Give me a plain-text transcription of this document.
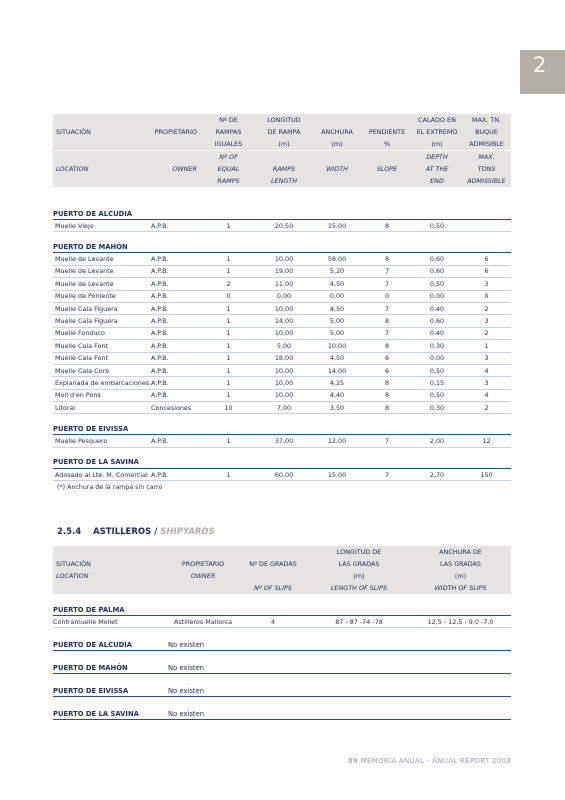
2
		Nº DE	LONGITUD			CALADO EN	MAX. TN.
SITUACIÓN	PROPIETARIO	RAMPAS	DE RAMPA	ANCHURA	PENDIENTE	EL EXTREMO	BUQUE
		IGUALES	(m)	(m)	%	(m)	ADMISIBLE
		Nº OF				DEPTH	MAX.
LOCATION	OWNER	EQUAL	RAMPS	WIDTH	SLOPE	AT THE	TONS
		RAMPS	LENGTH			END	ADMISSIBLE

PUERTO DE ALCUDIA							
Muelle Viejo	A.P.B.	1	20,50	15,00	8	0,50	

PUERTO DE MAHÓN							
Muelle de Levante	A.P.B.	1	10,00	58,00	8	0,60	6
Muelle de Levante	A.P.B.	1	19,00	5,20	7	0,60	6
Muelle de Levante	A.P.B.	2	11,00	4,50	7	0,50	3
Muelle de Poniente	A.P.B.	0	0,00	0,00	0	0,00	0
Muelle Cala Figuera	A.P.B.	1	10,00	4,50	7	0,40	2
Muelle Cala Figuera	A.P.B.	1	14,00	5,00	8	0,60	3
Muelle Fonduco	A.P.B.	1	10,00	5,00	7	0,40	2
Muelle Cala Font	A.P.B.	1	5,00	10,00	8	0,30	1
Muelle Cala Font	A.P.B.	1	18,00	4,50	6	0,00	3
Muelle Cala Corb	A.P.B.	1	10,00	14,00	6	0,50	4
Explanada de embarcaciones	A:P.B.	1	10,00	4,25	8	0,15	3
Moll d'en Pons	A:P.B.	1	10,00	4,40	8	0,50	4
Litoral	Concesiones	10	7,00	3,50	8	0,30	2

PUERTO DE EIVISSA							
Muelle Pesquero	A.P.B.	1	37,00	12,00	7	2,00	12

PUERTO DE LA SAVINA							
Adosado al Lte. M. Comercial	A.P.B.	1	60,00	15,00	7	2,70	150
(*) Anchura de la rampa sin carro
2.5.4 ASTILLEROS / SHIPYARDS
			LONGITUD DE	ANCHURA DE
SITUACIÓN	PROPIETARIO	Nº DE GRADAS	LAS GRADAS	LAS GRADAS
LOCATION	OWNER		(m)	(m)
		Nº OF SLIPS	LENGTH OF SLIPS	WIDTH OF SLIPS

PUERTO DE PALMA				
Contramuelle Mollet	Astilleros Mallorca	4	87 - 87 -74 -78	12,5 - 12,5 - 9,0 -7,0

PUERTO DE ALCUDIA	No existen			

PUERTO DE MAHÓN	No existen			

PUERTO DE EIVISSA	No existen			

PUERTO DE LA SAVINA	No existen			
89 MEMORIA ANUAL - ANUAL REPORT 2003
